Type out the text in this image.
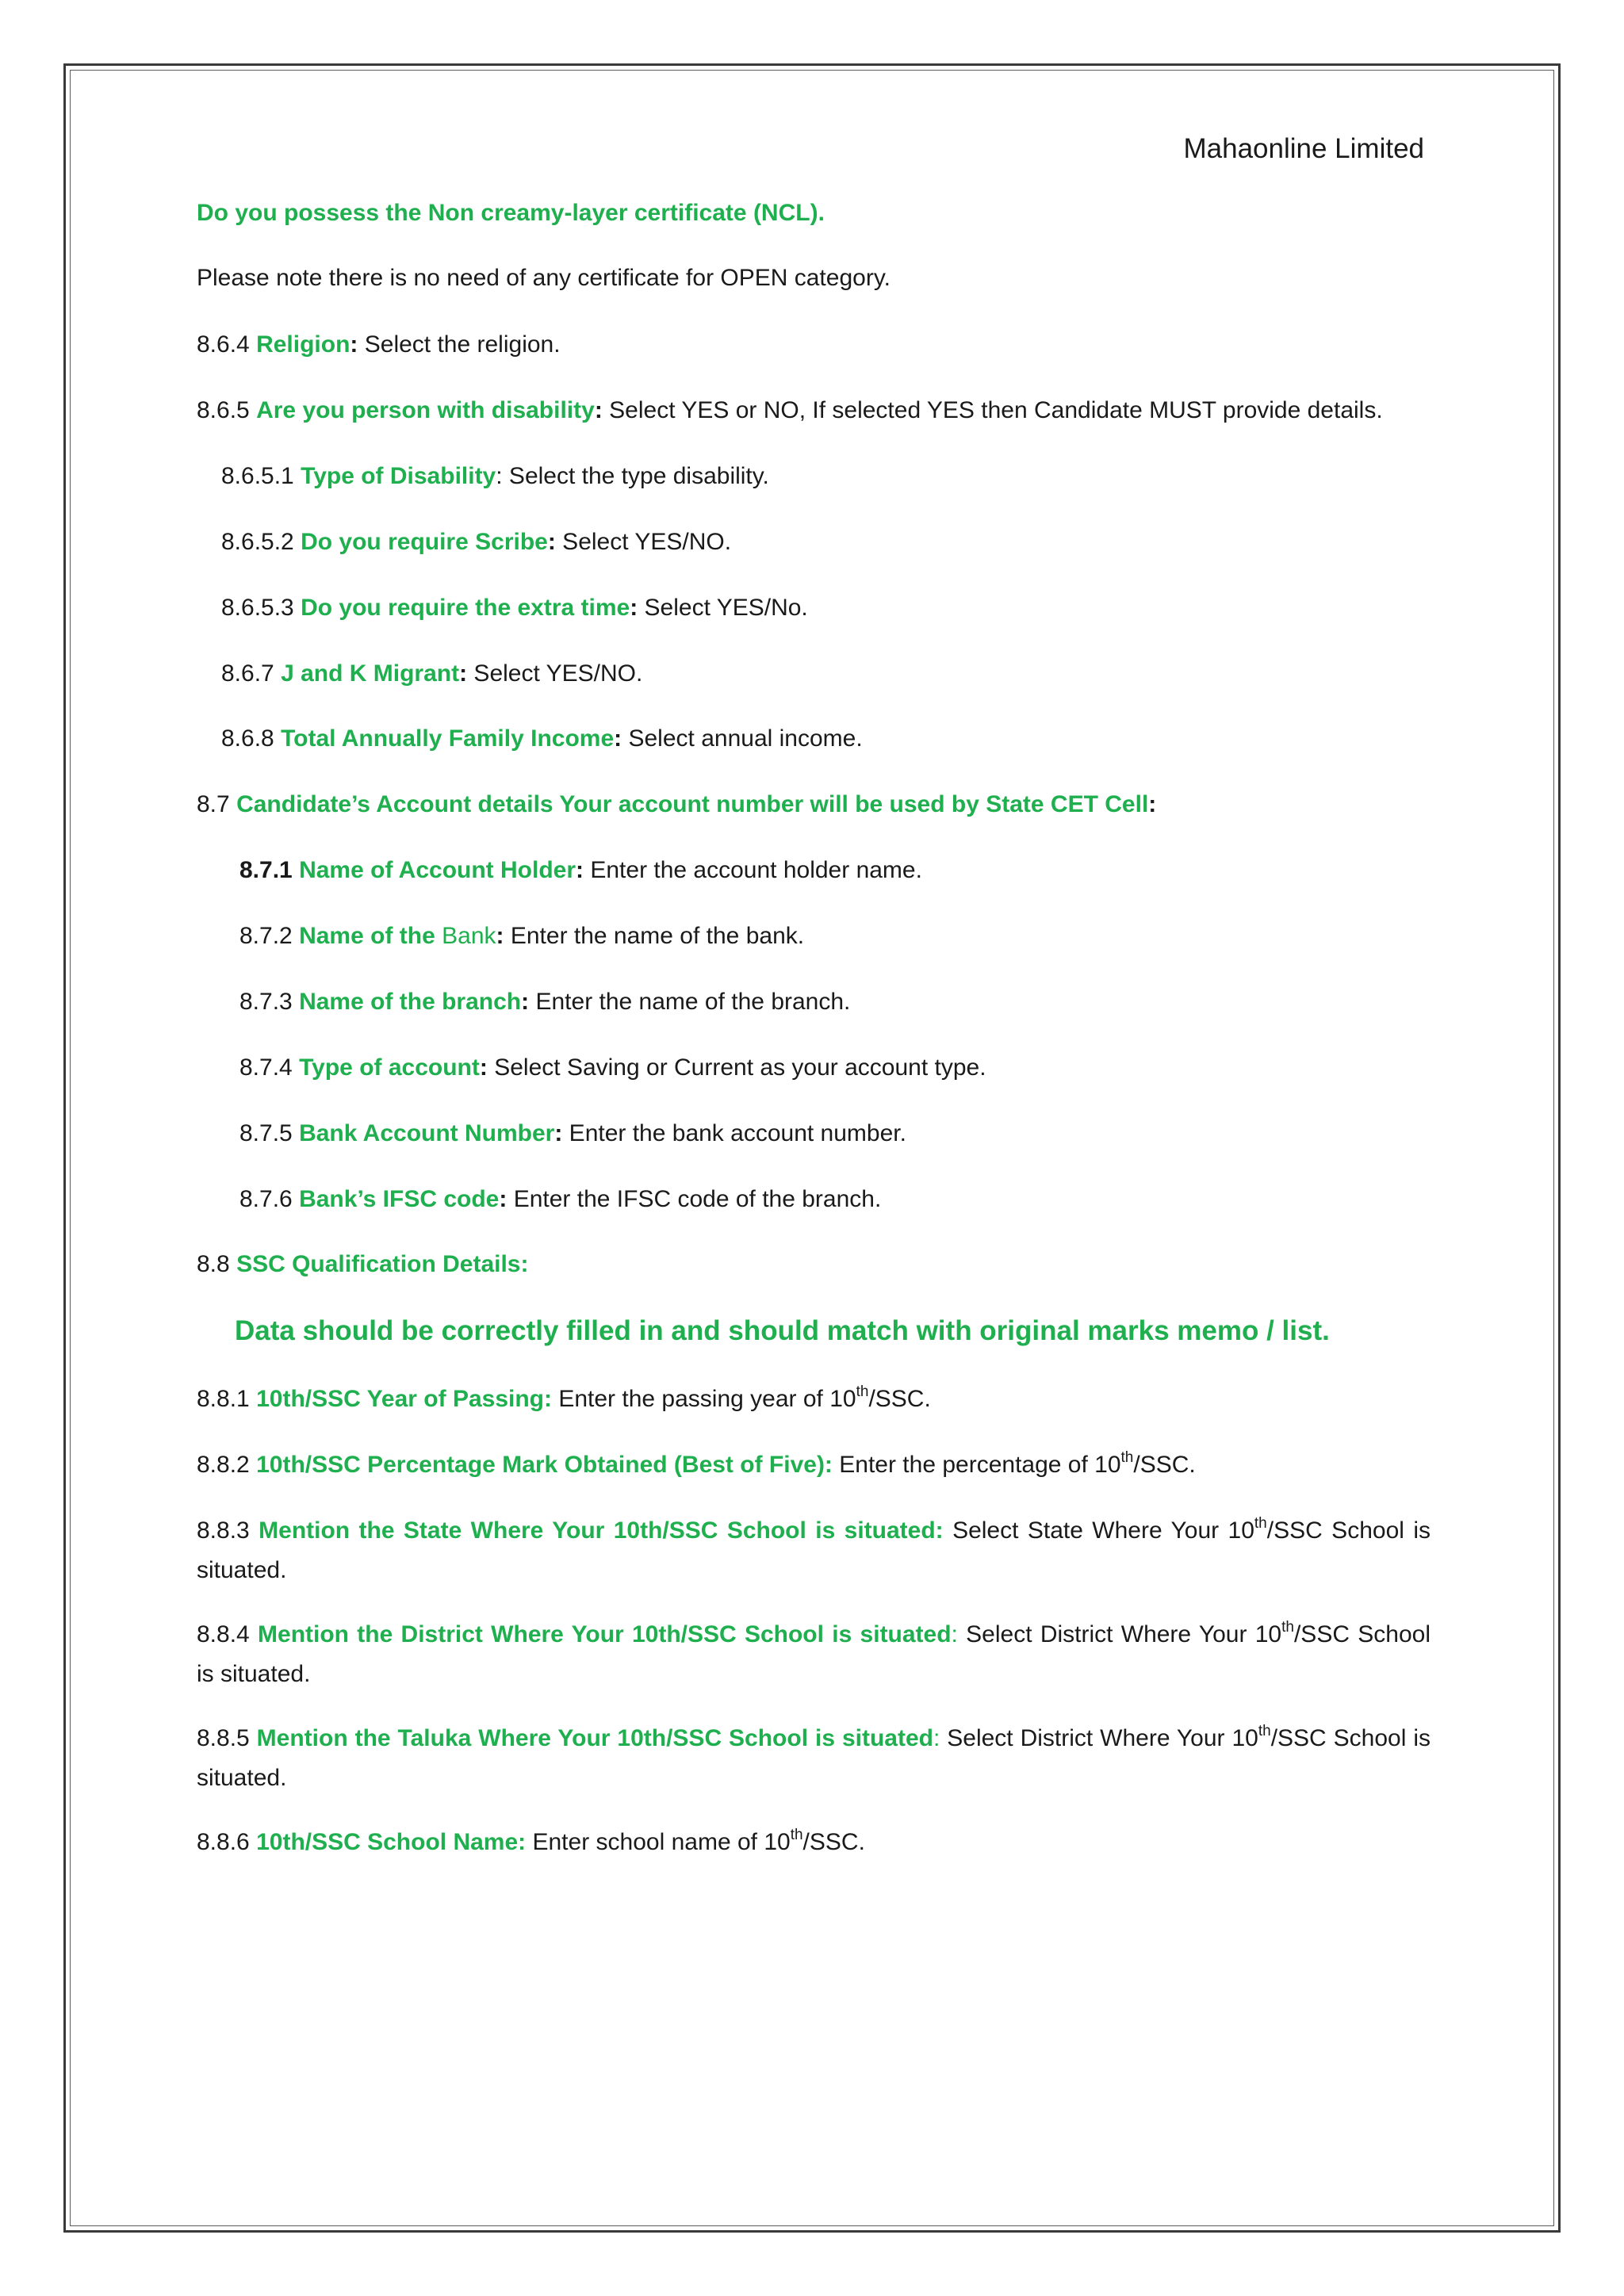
Mahaonline Limited
Do you possess the Non creamy-layer certificate (NCL).
Please note there is no need of any certificate for OPEN category.
8.6.4 Religion: Select the religion.
8.6.5 Are you person with disability: Select YES or NO, If selected YES then Candidate MUST provide details.
8.6.5.1 Type of Disability: Select the type disability.
8.6.5.2 Do you require Scribe: Select YES/NO.
8.6.5.3 Do you require the extra time: Select YES/No.
8.6.7 J and K Migrant: Select YES/NO.
8.6.8 Total Annually Family Income: Select annual income.
8.7 Candidate’s Account details Your account number will be used by State CET Cell:
8.7.1 Name of Account Holder: Enter the account holder name.
8.7.2 Name of the Bank: Enter the name of the bank.
8.7.3 Name of the branch: Enter the name of the branch.
8.7.4 Type of account: Select Saving or Current as your account type.
8.7.5 Bank Account Number: Enter the bank account number.
8.7.6 Bank’s IFSC code: Enter the IFSC code of the branch.
8.8 SSC Qualification Details:
Data should be correctly filled in and should match with original marks memo / list.
8.8.1 10th/SSC Year of Passing: Enter the passing year of 10th/SSC.
8.8.2 10th/SSC Percentage Mark Obtained (Best of Five): Enter the percentage of 10th/SSC.
8.8.3 Mention the State Where Your 10th/SSC School is situated: Select State Where Your 10th/SSC School is situated.
8.8.4 Mention the District Where Your 10th/SSC School is situated: Select District Where Your 10th/SSC School is situated.
8.8.5 Mention the Taluka Where Your 10th/SSC School is situated: Select District Where Your 10th/SSC School is situated.
8.8.6 10th/SSC School Name: Enter school name of 10th/SSC.
